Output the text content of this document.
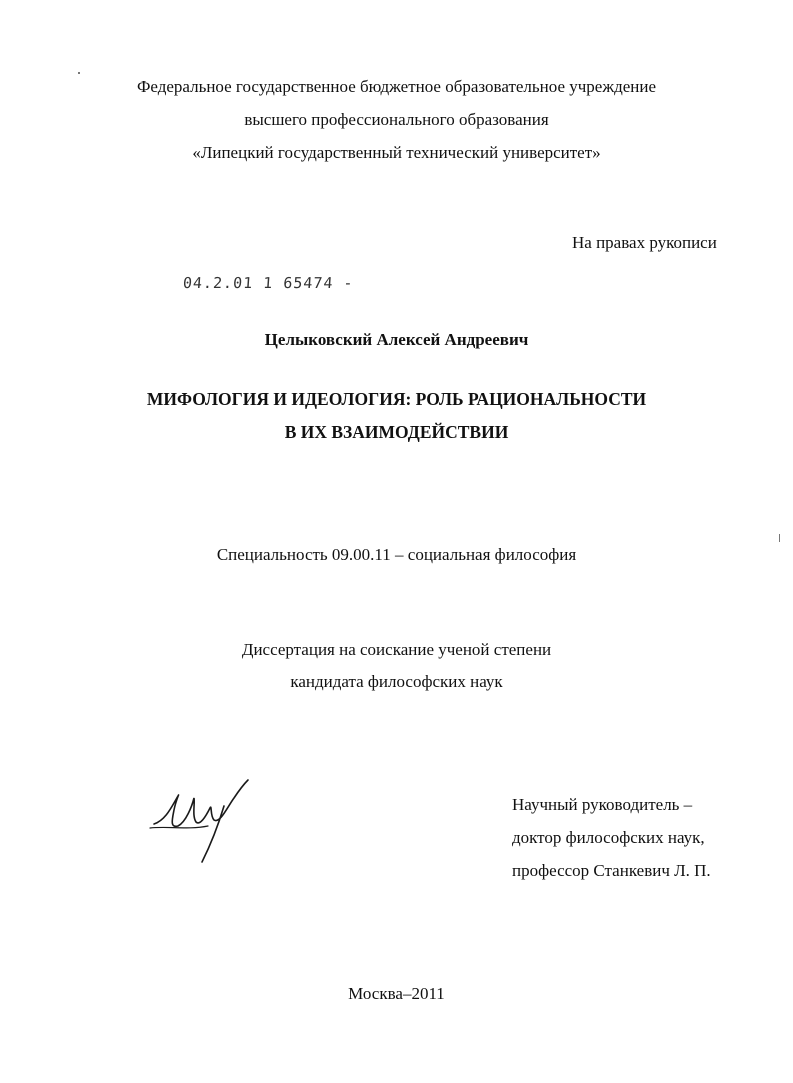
Федеральное государственное бюджетное образовательное учреждение
высшего профессионального образования
«Липецкий государственный технический университет»
На правах рукописи
04.2.01 1 65474 -
Целыковский Алексей Андреевич
МИФОЛОГИЯ И ИДЕОЛОГИЯ: РОЛЬ РАЦИОНАЛЬНОСТИ
В ИХ ВЗАИМОДЕЙСТВИИ
Специальность 09.00.11 – социальная философия
Диссертация на соискание ученой степени
кандидата философских наук
Научный руководитель –
доктор философских наук,
профессор Станкевич Л. П.
Москва–2011
